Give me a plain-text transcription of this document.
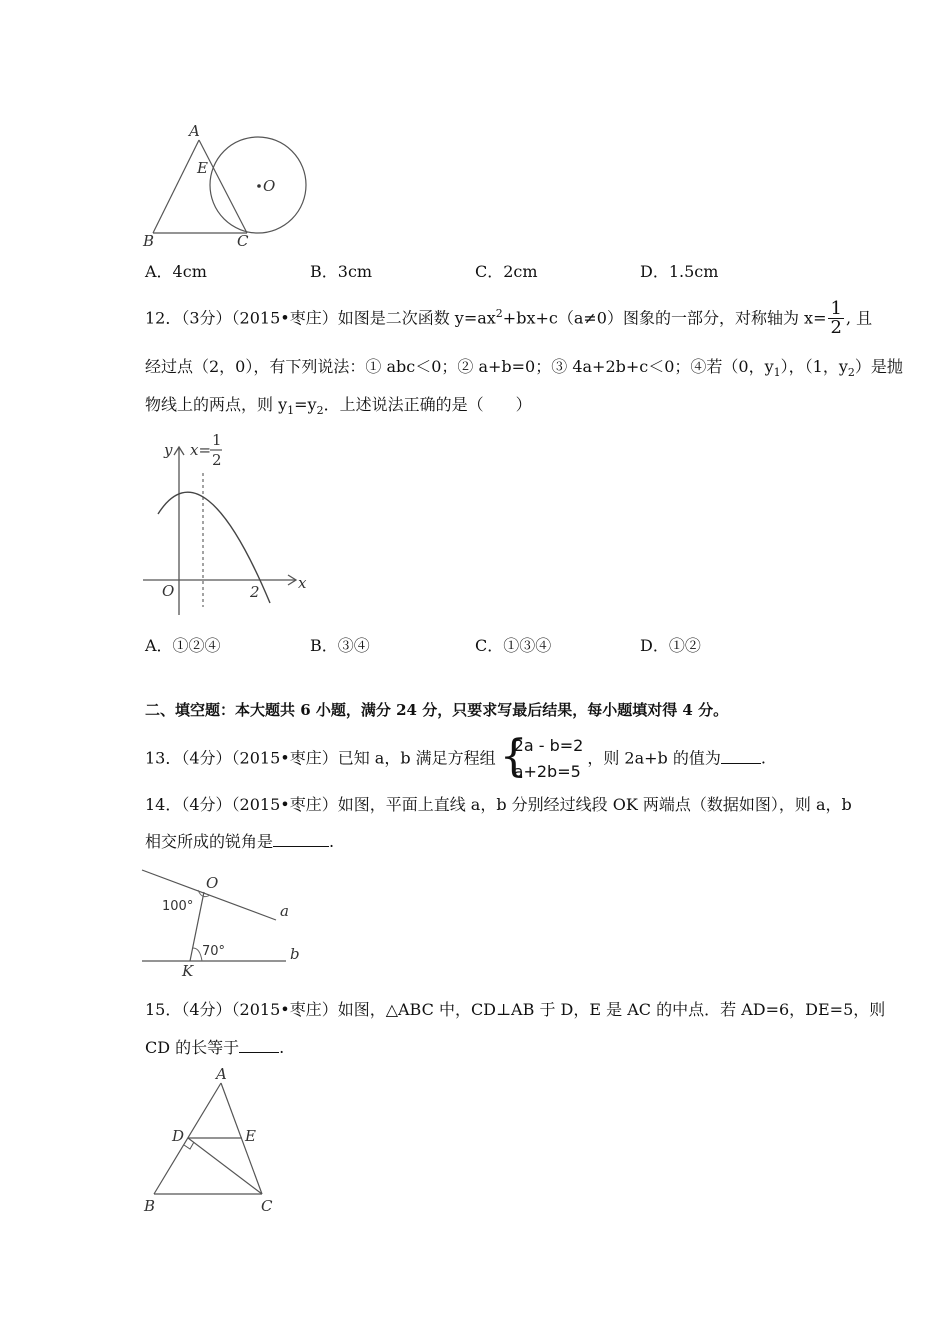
A
E
O
B	C
A．4cm	B．3cm	C．2cm	D．1.5cm
12．（3分）（2015•枣庄）如图是二次函数 $y=ax^2+bx+c(a\ne 0)$图象的一部分，对称轴为 $x= \frac{1}{2}$ , 且
经过点（2，0），有下列说法：① abc＜0；② a+b=0；③ 4a+2b+c＜0；④若（0，$y_1$），（1，$y_2$）是抛
物线上的两点，则 $y_1=y_2$．上述说法正确的是（　　）
y x=
1
2
O	2	x
A．①②④	B．③④	C．①③④	D．①②
二、填空题：本大题共 6 小题，满分 24 分，只要求写最后结果，每小题填对得 4 分。
13．（4分）（2015•枣庄）已知 a，b 满足方程组 {
2a - b=2
a+2b=5
，则 2a+b 的值为	.
14．（4分）（2015•枣庄）如图，平面上直线 a，b 分别经过线段 OK 两端点（数据如图），则 a，b
相交所成的锐角是	.
100°
70°
O
K
a
b
15．（4分）（2015•枣庄）如图，△ABC 中，CD⊥AB 于 D，E 是 AC 的中点．若 AD=6，DE=5，则
CD 的长等于	.
A
D	E
B	C
